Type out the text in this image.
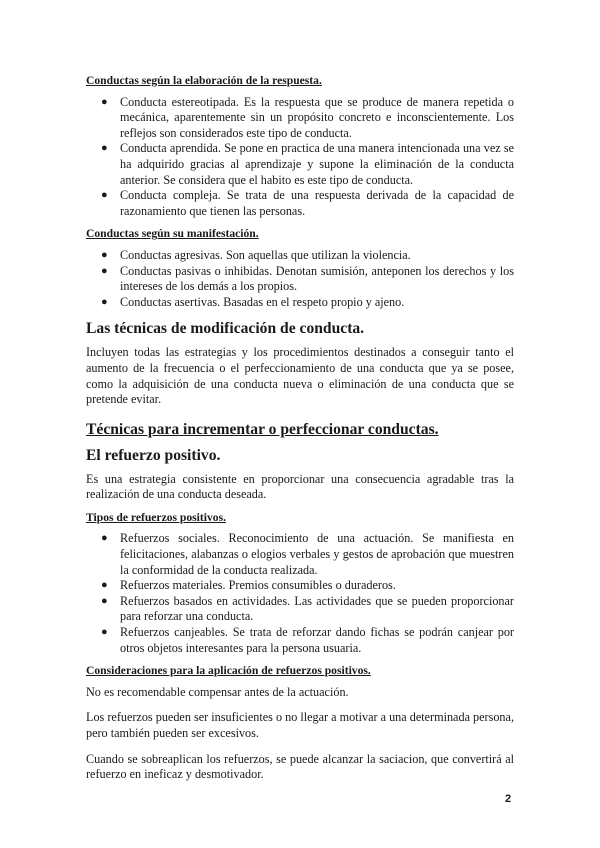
Conductas según la elaboración de la respuesta.
● Conducta estereotipada. Es la respuesta que se produce de manera repetida o mecánica, aparentemente sin un propósito concreto e inconscientemente. Los reflejos son considerados este tipo de conducta.
● Conducta aprendida. Se pone en practica de una manera intencionada una vez se ha adquirido gracias al aprendizaje y supone la eliminación de la conducta anterior. Se considera que el habito es este tipo de conducta.
● Conducta compleja. Se trata de una respuesta derivada de la capacidad de razonamiento que tienen las personas.
Conductas según su manifestación.
● Conductas agresivas. Son aquellas que utilizan la violencia.
● Conductas pasivas o inhibidas. Denotan sumisión, anteponen los derechos y los intereses de los demás a los propios.
● Conductas asertivas. Basadas en el respeto propio y ajeno.
Las técnicas de modificación de conducta.

Incluyen todas las estrategias y los procedimientos destinados a conseguir tanto el aumento de la frecuencia o el perfeccionamiento de una conducta que ya se posee, como la adquisición de una conducta nueva o eliminación de una conducta que se pretende evitar.

Técnicas para incrementar o perfeccionar conductas.
El refuerzo positivo.

Es una estrategia consistente en proporcionar una consecuencia agradable tras la realización de una conducta deseada.

Tipos de refuerzos positivos.
● Refuerzos sociales. Reconocimiento de una actuación. Se manifiesta en felicitaciones, alabanzas o elogios verbales y gestos de aprobación que muestren la conformidad de la conducta realizada.
● Refuerzos materiales. Premios consumibles o duraderos.
● Refuerzos basados en actividades. Las actividades que se pueden proporcionar para reforzar una conducta.
● Refuerzos canjeables. Se trata de reforzar dando fichas se podrán canjear por otros objetos interesantes para la persona usuaria.
Consideraciones para la aplicación de refuerzos positivos.

No es recomendable compensar antes de la actuación.

Los refuerzos pueden ser insuficientes o no llegar a motivar a una determinada persona, pero también pueden ser excesivos.

Cuando se sobreaplican los refuerzos, se puede alcanzar la saciacion, que convertirá al refuerzo en ineficaz y desmotivador.

2
